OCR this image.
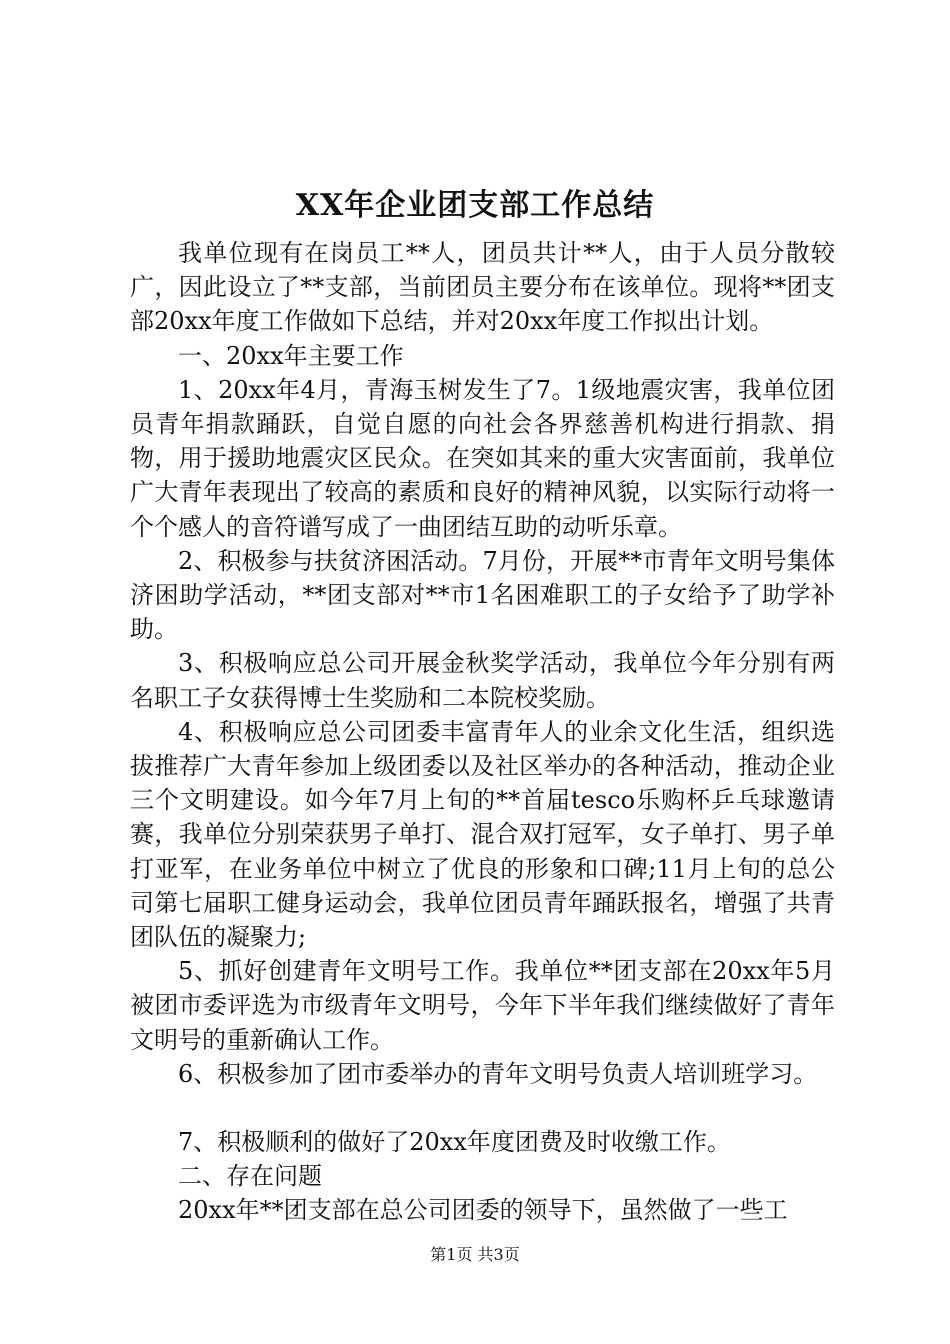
XX年企业团支部工作总结

我单位现有在岗员工**人，团员共计**人，由于人员分散较广，因此设立了**支部，当前团员主要分布在该单位。现将**团支部20xx年度工作做如下总结，并对20xx年度工作拟出计划。

一、20xx年主要工作

1、20xx年4月，青海玉树发生了7。1级地震灾害，我单位团员青年捐款踊跃，自觉自愿的向社会各界慈善机构进行捐款、捐物，用于援助地震灾区民众。在突如其来的重大灾害面前，我单位广大青年表现出了较高的素质和良好的精神风貌，以实际行动将一个个感人的音符谱写成了一曲团结互助的动听乐章。

2、积极参与扶贫济困活动。7月份，开展**市青年文明号集体济困助学活动，**团支部对**市1名困难职工的子女给予了助学补助。

3、积极响应总公司开展金秋奖学活动，我单位今年分别有两名职工子女获得博士生奖励和二本院校奖励。

4、积极响应总公司团委丰富青年人的业余文化生活，组织选拔推荐广大青年参加上级团委以及社区举办的各种活动，推动企业三个文明建设。如今年7月上旬的**首届tesco乐购杯乒乓球邀请赛，我单位分别荣获男子单打、混合双打冠军，女子单打、男子单打亚军，在业务单位中树立了优良的形象和口碑;11月上旬的总公司第七届职工健身运动会，我单位团员青年踊跃报名，增强了共青团队伍的凝聚力;

5、抓好创建青年文明号工作。我单位**团支部在20xx年5月被团市委评选为市级青年文明号，今年下半年我们继续做好了青年文明号的重新确认工作。

6、积极参加了团市委举办的青年文明号负责人培训班学习。

7、积极顺利的做好了20xx年度团费及时收缴工作。

二、存在问题

20xx年**团支部在总公司团委的领导下，虽然做了一些工

第1页 共3页
